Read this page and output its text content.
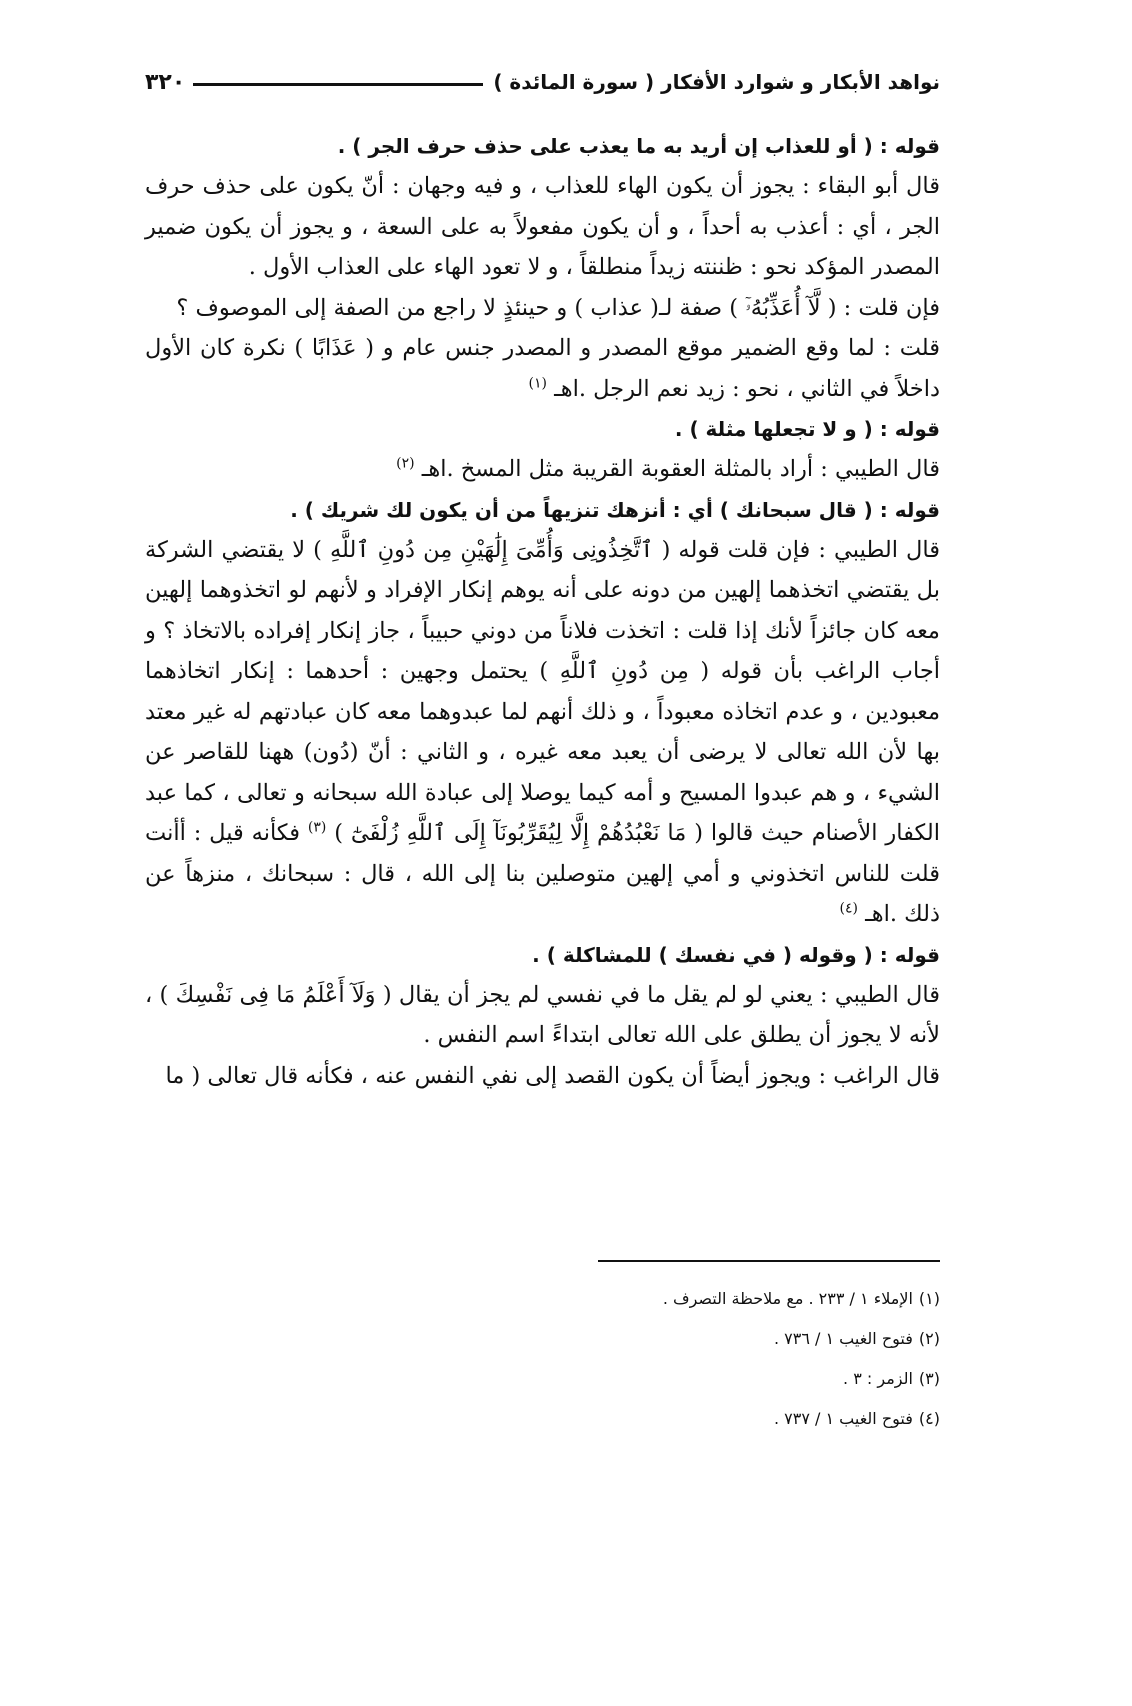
نواهد الأبكار و شوارد الأفكار ( سورة المائدة )
٣٢٠

قوله : ( أو للعذاب إن أريد به ما يعذب على حذف حرف الجر ) .

قال أبو البقاء : يجوز أن يكون الهاء للعذاب ، و فيه وجهان : أنّ يكون على حذف حرف الجر ، أي : أعذب به أحداً ، و أن يكون مفعولاً به على السعة ، و يجوز أن يكون ضمير المصدر المؤكد نحو : ظننته زيداً منطلقاً ، و لا تعود الهاء على العذاب الأول .

فإن قلت : ( لَّآ أُعَذِّبُهُۥٓ ) صفة لـ( عذاب ) و حينئذٍ لا راجع من الصفة إلى الموصوف ؟

قلت : لما وقع الضمير موقع المصدر و المصدر جنس عام و ( عَذَابًا ) نكرة كان الأول داخلاً في الثاني ، نحو : زيد نعم الرجل .اهـ $^{(١)}$

قوله : ( و لا تجعلها مثلة ) .

قال الطيبي : أراد بالمثلة العقوبة القريبة مثل المسخ .اهـ $^{(٢)}$

قوله : ( قال سبحانك ) أي : أنزهك تنزيهاً من أن يكون لك شريك ) .

قال الطيبي : فإن قلت قوله ( ٱتَّخِذُونِى وَأُمِّىَ إِلَٰهَيْنِ مِن دُونِ ٱللَّهِ ) لا يقتضي الشركة بل يقتضي اتخذهما إلهين من دونه على أنه يوهم إنكار الإفراد و لأنهم لو اتخذوهما إلهين معه كان جائزاً لأنك إذا قلت : اتخذت فلاناً من دوني حبيباً ، جاز إنكار إفراده بالاتخاذ ؟ و أجاب الراغب بأن قوله ( مِن دُونِ ٱللَّهِ ) يحتمل وجهين : أحدهما : إنكار اتخاذهما معبودين ، و عدم اتخاذه معبوداً ، و ذلك أنهم لما عبدوهما معه كان عبادتهم له غير معتد بها لأن الله تعالى لا يرضى أن يعبد معه غيره ، و الثاني : أنّ (دُون) ههنا للقاصر عن الشيء ، و هم عبدوا المسيح و أمه كيما يوصلا إلى عبادة الله سبحانه و تعالى ، كما عبد الكفار الأصنام حيث قالوا ( مَا نَعْبُدُهُمْ إِلَّا لِيُقَرِّبُونَآ إِلَى ٱللَّهِ زُلْفَىٰٓ ) $^{(٣)}$ فكأنه قيل : أأنت قلت للناس اتخذوني و أمي إلهين متوصلين بنا إلى الله ، قال : سبحانك ، منزهاً عن ذلك .اهـ $^{(٤)}$

قوله : ( وقوله ( في نفسك ) للمشاكلة ) .

قال الطيبي : يعني لو لم يقل ما في نفسي لم يجز أن يقال ( وَلَآ أَعْلَمُ مَا فِى نَفْسِكَ ) ، لأنه لا يجوز أن يطلق على الله تعالى ابتداءً اسم النفس .

قال الراغب : ويجوز أيضاً أن يكون القصد إلى نفي النفس عنه ، فكأنه قال تعالى ( ما

(١)الإملاء ١ / ٢٣٣ . مع ملاحظة التصرف .
(٢)فتوح الغيب ١ / ٧٣٦ .
(٣)الزمر : ٣ .
(٤)فتوح الغيب ١ / ٧٣٧ .
